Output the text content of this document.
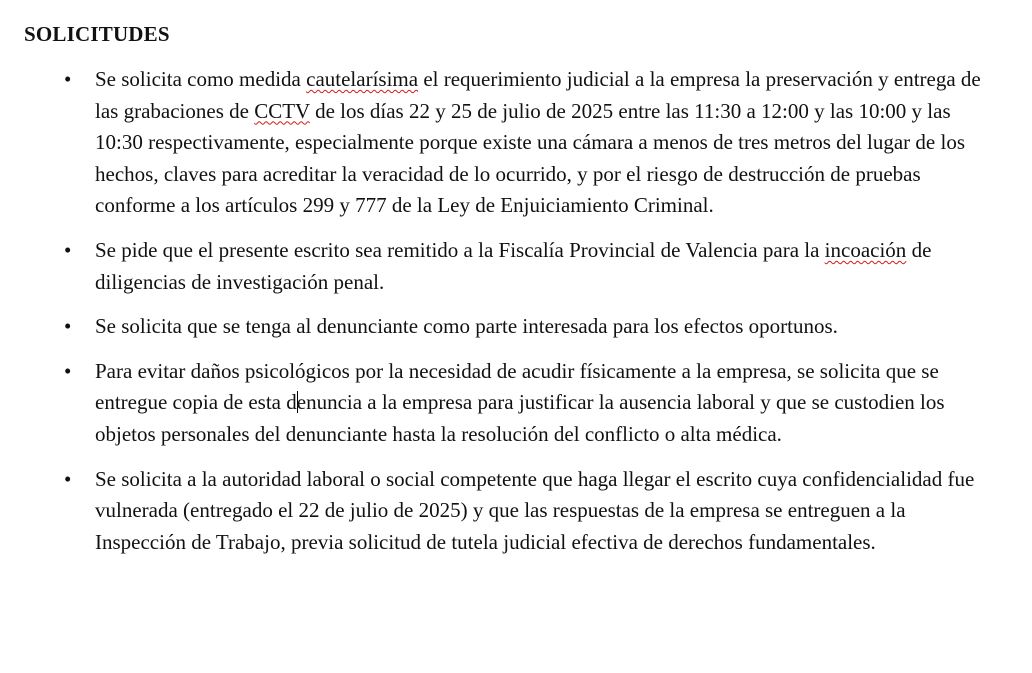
SOLICITUDES
• Se solicita como medida cautelarísima el requerimiento judicial a la empresa la preservación y entrega de las grabaciones de CCTV de los días 22 y 25 de julio de 2025 entre las 11:30 a 12:00 y las 10:00 y las 10:30 respectivamente, especialmente porque existe una cámara a menos de tres metros del lugar de los hechos, claves para acreditar la veracidad de lo ocurrido, y por el riesgo de destrucción de pruebas conforme a los artículos 299 y 777 de la Ley de Enjuiciamiento Criminal.
• Se pide que el presente escrito sea remitido a la Fiscalía Provincial de Valencia para la incoación de diligencias de investigación penal.
• Se solicita que se tenga al denunciante como parte interesada para los efectos oportunos.
• Para evitar daños psicológicos por la necesidad de acudir físicamente a la empresa, se solicita que se entregue copia de esta denuncia a la empresa para justificar la ausencia laboral y que se custodien los objetos personales del denunciante hasta la resolución del conflicto o alta médica.
• Se solicita a la autoridad laboral o social competente que haga llegar el escrito cuya confidencialidad fue vulnerada (entregado el 22 de julio de 2025) y que las respuestas de la empresa se entreguen a la Inspección de Trabajo, previa solicitud de tutela judicial efectiva de derechos fundamentales.
